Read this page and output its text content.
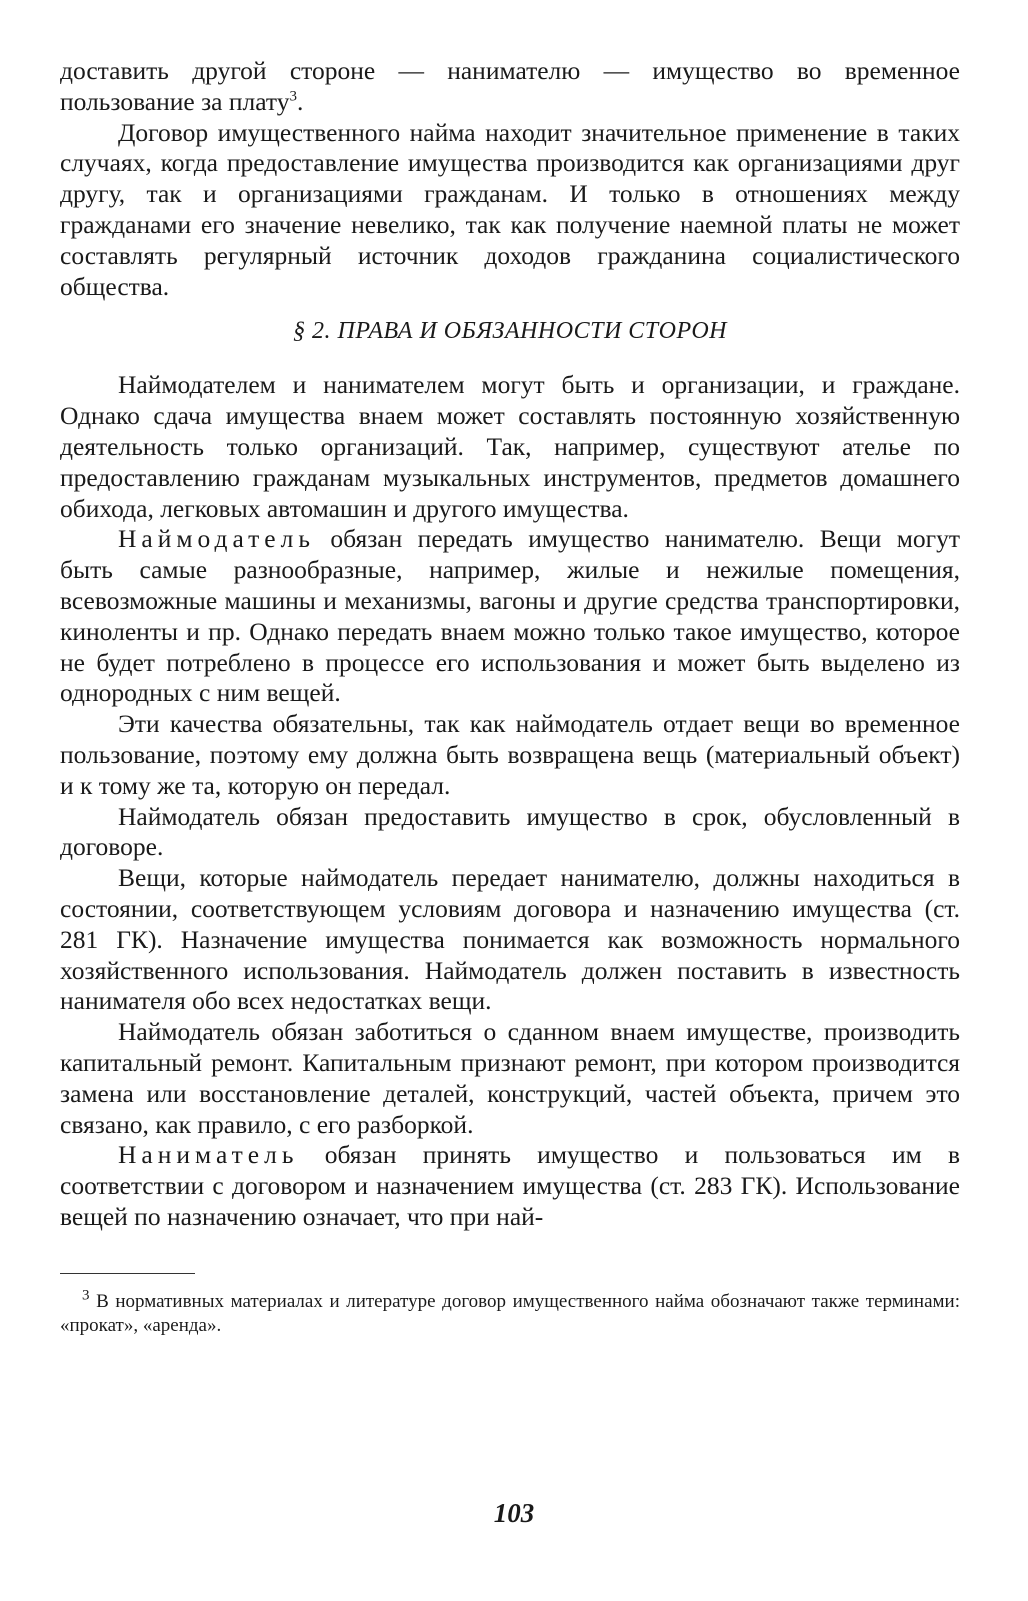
доставить другой стороне — нанимателю — имущество во временное пользование за плату$^3$.

Договор имущественного найма находит значительное применение в таких случаях, когда предоставление имущества производится как организациями друг другу, так и организациями гражданам. И только в отношениях между гражданами его значение невелико, так как получение наемной платы не может составлять регулярный источник доходов гражданина социалистического общества.

§ 2. ПРАВА И ОБЯЗАННОСТИ СТОРОН

Наймодателем и нанимателем могут быть и организации, и граждане. Однако сдача имущества внаем может составлять постоянную хозяйственную деятельность только организаций. Так, например, существуют ателье по предоставлению гражданам музыкальных инструментов, предметов домашнего обихода, легковых автомашин и другого имущества.

Наймодатель обязан передать имущество нанимателю. Вещи могут быть самые разнообразные, например, жилые и нежилые помещения, всевозможные машины и механизмы, вагоны и другие средства транспортировки, киноленты и пр. Однако передать внаем можно только такое имущество, которое не будет потреблено в процессе его использования и может быть выделено из однородных с ним вещей.

Эти качества обязательны, так как наймодатель отдает вещи во временное пользование, поэтому ему должна быть возвращена вещь (материальный объект) и к тому же та, которую он передал.

Наймодатель обязан предоставить имущество в срок, обусловленный в договоре.

Вещи, которые наймодатель передает нанимателю, должны находиться в состоянии, соответствующем условиям договора и назначению имущества (ст. 281 ГК). Назначение имущества понимается как возможность нормального хозяйственного использования. Наймодатель должен поставить в известность нанимателя обо всех недостатках вещи.

Наймодатель обязан заботиться о сданном внаем имуществе, производить капитальный ремонт. Капитальным признают ремонт, при котором производится замена или восстановление деталей, конструкций, частей объекта, причем это связано, как правило, с его разборкой.

Наниматель обязан принять имущество и пользоваться им в соответствии с договором и назначением имущества (ст. 283 ГК). Использование вещей по назначению означает, что при най-

$^3$ В нормативных материалах и литературе договор имущественного найма обозначают также терминами: «прокат», «аренда».

103
